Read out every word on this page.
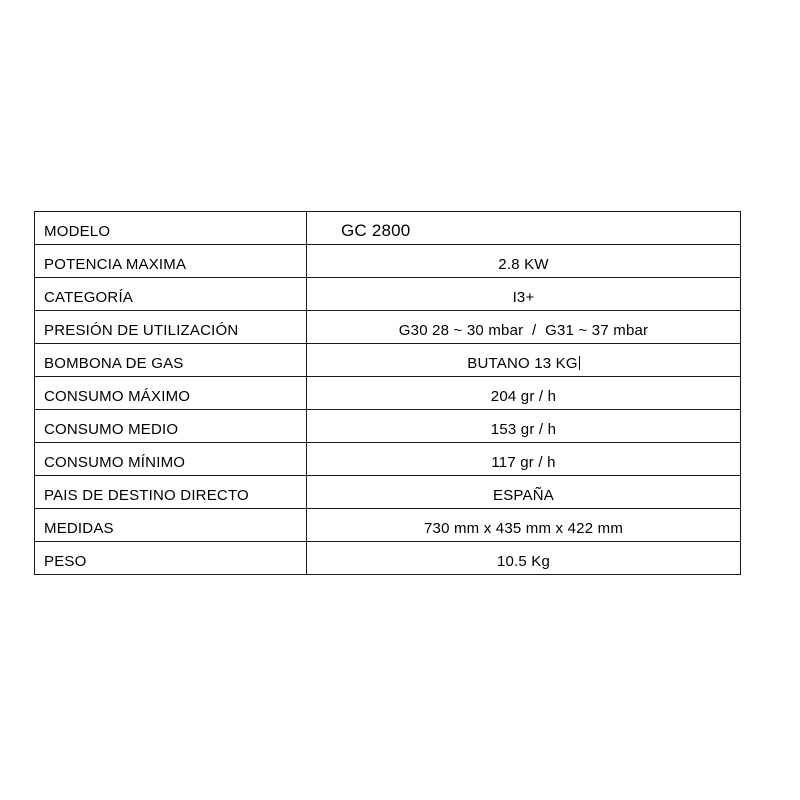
MODELO	GC 2800
POTENCIA MAXIMA	2.8 KW
CATEGORÍA	I3+
PRESIÓN DE UTILIZACIÓN	G30 28 ~ 30 mbar  /  G31 ~ 37 mbar
BOMBONA DE GAS	BUTANO 13 KG
CONSUMO MÁXIMO	204 gr / h
CONSUMO MEDIO	153 gr / h
CONSUMO MÍNIMO	117 gr / h
PAIS DE DESTINO DIRECTO	ESPAÑA
MEDIDAS	730 mm x 435 mm x 422 mm
PESO	10.5 Kg
